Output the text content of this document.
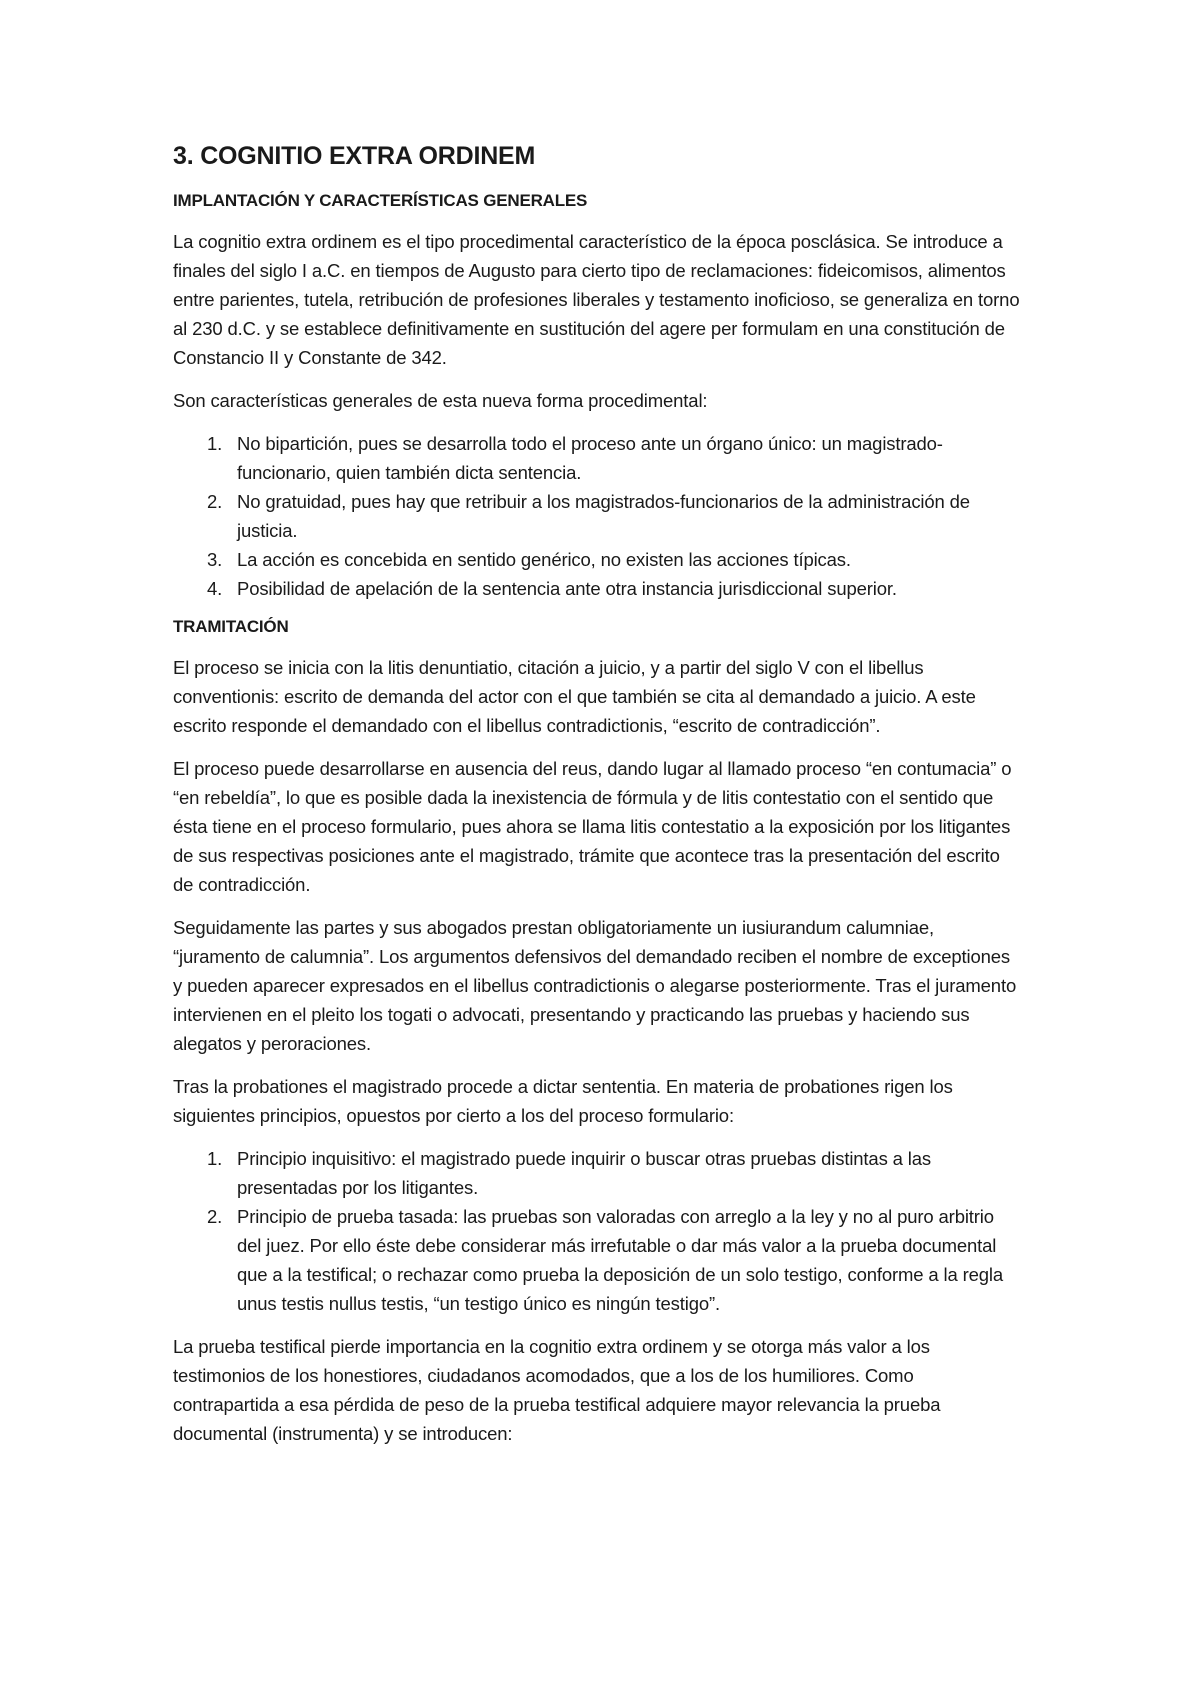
3. COGNITIO EXTRA ORDINEM
IMPLANTACIÓN Y CARACTERÍSTICAS GENERALES

La cognitio extra ordinem es el tipo procedimental característico de la época posclásica. Se introduce a finales del siglo I a.C. en tiempos de Augusto para cierto tipo de reclamaciones: fideicomisos, alimentos entre parientes, tutela, retribución de profesiones liberales y testamento inoficioso, se generaliza en torno al 230 d.C. y se establece definitivamente en sustitución del agere per formulam en una constitución de Constancio II y Constante de 342.

Son características generales de esta nueva forma procedimental:

1. No bipartición, pues se desarrolla todo el proceso ante un órgano único: un magistrado-funcionario, quien también dicta sentencia.
2. No gratuidad, pues hay que retribuir a los magistrados-funcionarios de la administración de justicia.
3. La acción es concebida en sentido genérico, no existen las acciones típicas.
4. Posibilidad de apelación de la sentencia ante otra instancia jurisdiccional superior.
TRAMITACIÓN

El proceso se inicia con la litis denuntiatio, citación a juicio, y a partir del siglo V con el libellus conventionis: escrito de demanda del actor con el que también se cita al demandado a juicio. A este escrito responde el demandado con el libellus contradictionis, “escrito de contradicción”.

El proceso puede desarrollarse en ausencia del reus, dando lugar al llamado proceso “en contumacia” o “en rebeldía”, lo que es posible dada la inexistencia de fórmula y de litis contestatio con el sentido que ésta tiene en el proceso formulario, pues ahora se llama litis contestatio a la exposición por los litigantes de sus respectivas posiciones ante el magistrado, trámite que acontece tras la presentación del escrito de contradicción.

Seguidamente las partes y sus abogados prestan obligatoriamente un iusiurandum calumniae, “juramento de calumnia”. Los argumentos defensivos del demandado reciben el nombre de exceptiones y pueden aparecer expresados en el libellus contradictionis o alegarse posteriormente. Tras el juramento intervienen en el pleito los togati o advocati, presentando y practicando las pruebas y haciendo sus alegatos y peroraciones.

Tras la probationes el magistrado procede a dictar sententia. En materia de probationes rigen los siguientes principios, opuestos por cierto a los del proceso formulario:

1. Principio inquisitivo: el magistrado puede inquirir o buscar otras pruebas distintas a las presentadas por los litigantes.
2. Principio de prueba tasada: las pruebas son valoradas con arreglo a la ley y no al puro arbitrio del juez. Por ello éste debe considerar más irrefutable o dar más valor a la prueba documental que a la testifical; o rechazar como prueba la deposición de un solo testigo, conforme a la regla unus testis nullus testis, “un testigo único es ningún testigo”.

La prueba testifical pierde importancia en la cognitio extra ordinem y se otorga más valor a los testimonios de los honestiores, ciudadanos acomodados, que a los de los humiliores. Como contrapartida a esa pérdida de peso de la prueba testifical adquiere mayor relevancia la prueba documental (instrumenta) y se introducen:
